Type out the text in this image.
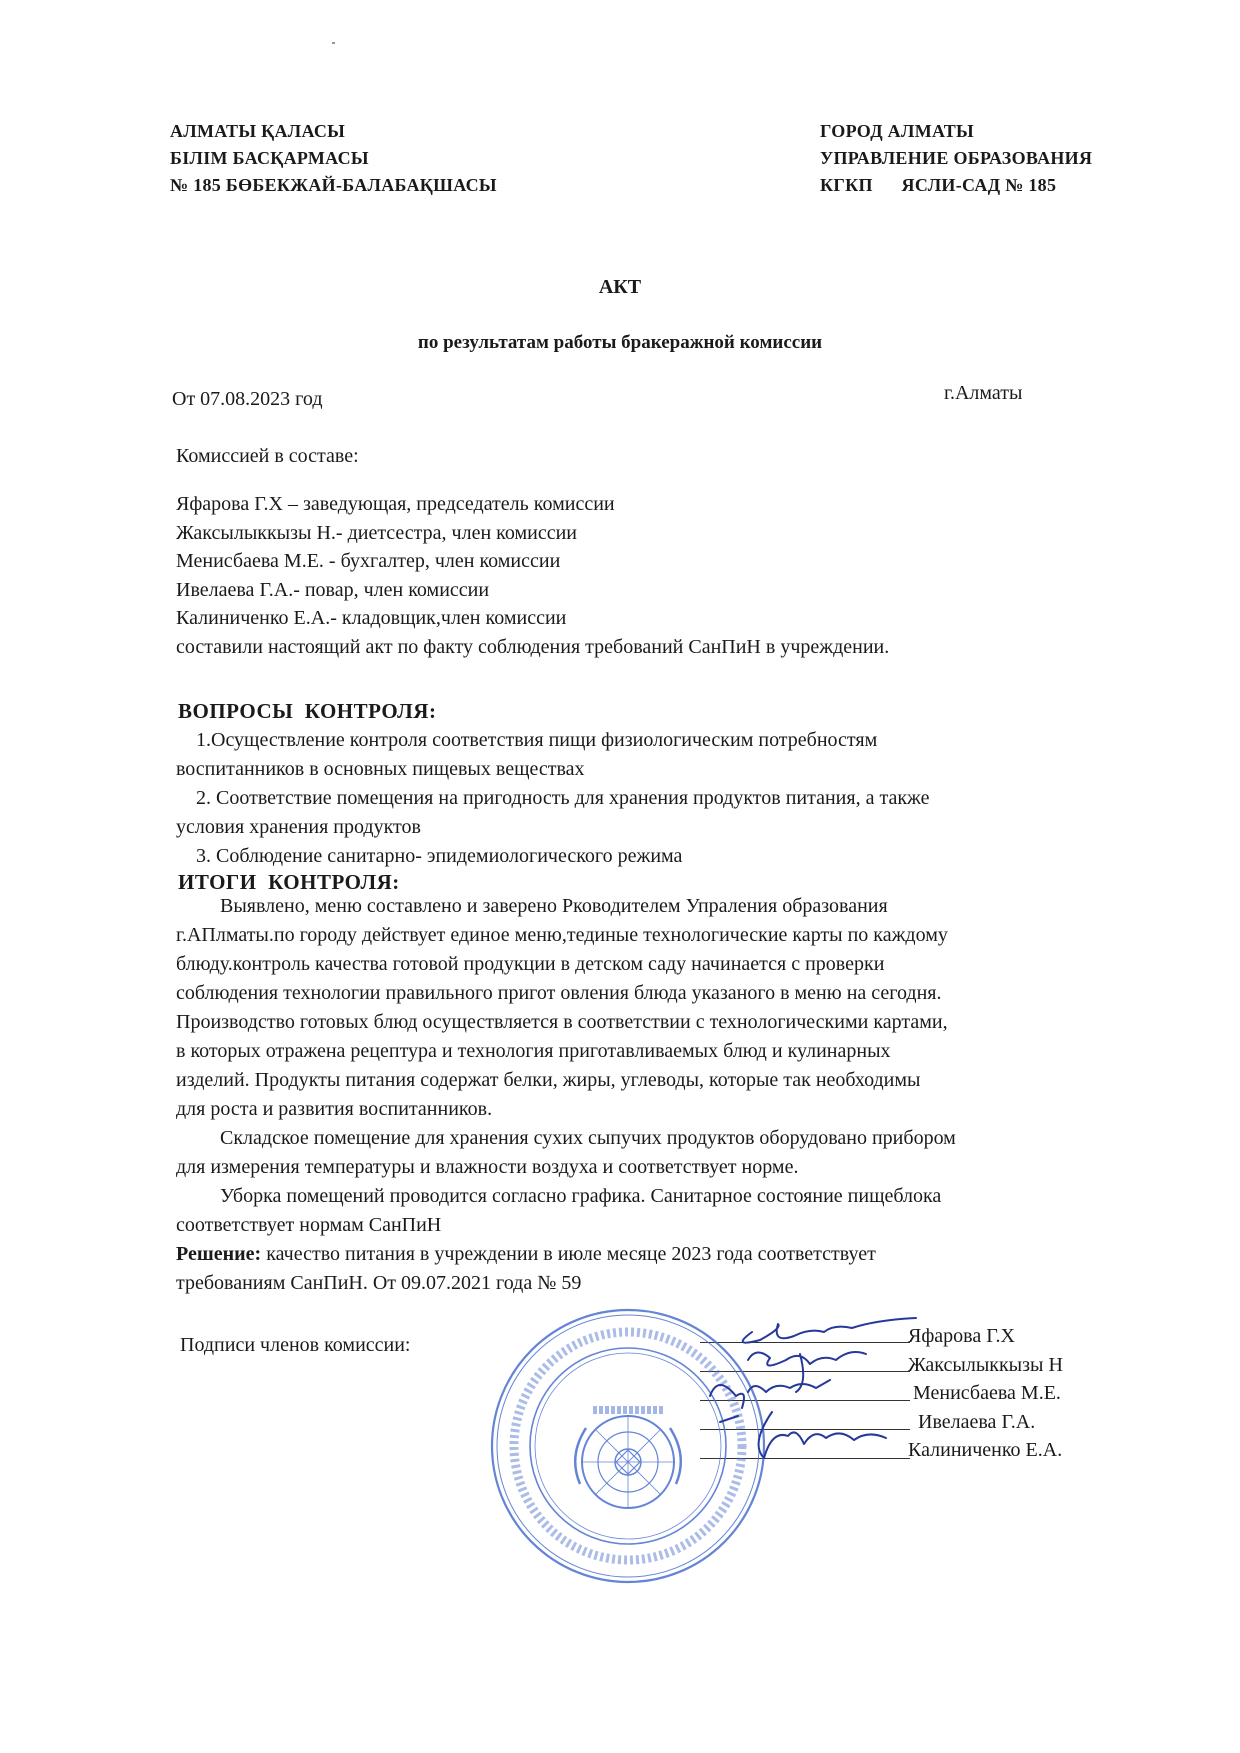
АЛМАТЫ ҚАЛАСЫ
БІЛІМ БАСҚАРМАСЫ
№ 185 БӨБЕКЖАЙ-БАЛАБАҚШАСЫ
ГОРОД АЛМАТЫ
УПРАВЛЕНИЕ ОБРАЗОВАНИЯ
КГКП      ЯСЛИ-САД № 185
АКТ
по результатам работы бракеражной комиссии
От 07.08.2023 год	г.Алматы
Комиссией в составе:
Яфарова Г.Х – заведующая, председатель комиссии
Жаксылыккызы Н.- диетсестра, член комиссии
Менисбаева М.Е. - бухгалтер, член комиссии
Ивелаева Г.А.- повар, член комиссии
Калиниченко Е.А.- кладовщик,член комиссии
составили настоящий акт по факту соблюдения требований СанПиН в учреждении.
ВОПРОСЫ  КОНТРОЛЯ:
1.Осуществление контроля соответствия пищи физиологическим потребностям
воспитанников в основных пищевых веществах
2. Соответствие помещения на пригодность для хранения продуктов питания, а также
условия хранения продуктов
3. Соблюдение санитарно- эпидемиологического режима
ИТОГИ  КОНТРОЛЯ:
Выявлено, меню составлено и заверено Рководителем Упраления образования
г.АПлматы.по городу действует единое меню,тединые технологические карты по каждому
блюду.контроль качества готовой продукции в детском саду начинается с проверки
соблюдения технологии правильного пригот овления блюда указаного в меню на сегодня.
Производство готовых блюд осуществляется в соответствии с технологическими картами,
в которых отражена рецептура и технология приготавливаемых блюд и кулинарных
изделий. Продукты питания содержат белки, жиры, углеводы, которые так необходимы
для роста и развития воспитанников.
Складское помещение для хранения сухих сыпучих продуктов оборудовано прибором
для измерения температуры и влажности воздуха и соответствует норме.
Уборка помещений проводится согласно графика. Санитарное состояние пищеблока
соответствует нормам СанПиН
Решение: качество питания в учреждении в июле месяце 2023 года соответствует
требованиям СанПиН. От 09.07.2021 года № 59
Подписи членов комиссии:	Яфарова Г.Х
Жаксылыккызы Н
Менисбаева М.Е.
Ивелаева Г.А.
Калиниченко Е.А.
